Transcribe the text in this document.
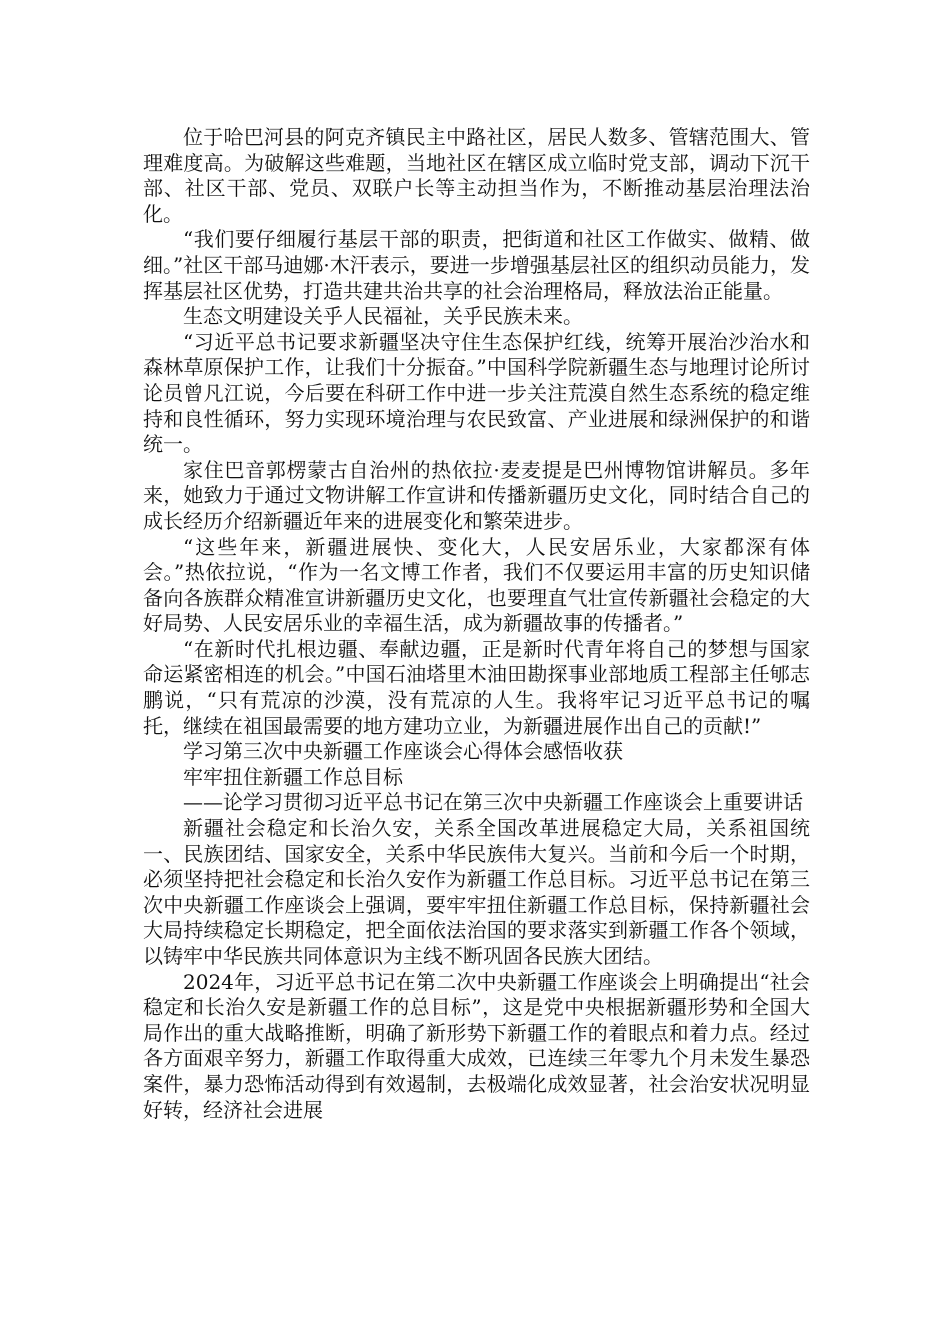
位于哈巴河县的阿克齐镇民主中路社区，居民人数多、管辖范围大、管理难度高。为破解这些难题，当地社区在辖区成立临时党支部，调动下沉干部、社区干部、党员、双联户长等主动担当作为，不断推动基层治理法治化。

“我们要仔细履行基层干部的职责，把街道和社区工作做实、做精、做细。”社区干部马迪娜·木汗表示，要进一步增强基层社区的组织动员能力，发挥基层社区优势，打造共建共治共享的社会治理格局，释放法治正能量。

生态文明建设关乎人民福祉，关乎民族未来。

“习近平总书记要求新疆坚决守住生态保护红线，统筹开展治沙治水和森林草原保护工作，让我们十分振奋。”中国科学院新疆生态与地理讨论所讨论员曾凡江说，今后要在科研工作中进一步关注荒漠自然生态系统的稳定维持和良性循环，努力实现环境治理与农民致富、产业进展和绿洲保护的和谐统一。

家住巴音郭楞蒙古自治州的热依拉·麦麦提是巴州博物馆讲解员。多年来，她致力于通过文物讲解工作宣讲和传播新疆历史文化，同时结合自己的成长经历介绍新疆近年来的进展变化和繁荣进步。

“这些年来，新疆进展快、变化大，人民安居乐业，大家都深有体会。”热依拉说，“作为一名文博工作者，我们不仅要运用丰富的历史知识储备向各族群众精准宣讲新疆历史文化，也要理直气壮宣传新疆社会稳定的大好局势、人民安居乐业的幸福生活，成为新疆故事的传播者。”

“在新时代扎根边疆、奉献边疆，正是新时代青年将自己的梦想与国家命运紧密相连的机会。”中国石油塔里木油田勘探事业部地质工程部主任郇志鹏说，“只有荒凉的沙漠，没有荒凉的人生。我将牢记习近平总书记的嘱托，继续在祖国最需要的地方建功立业，为新疆进展作出自己的贡献!”

学习第三次中央新疆工作座谈会心得体会感悟收获

牢牢扭住新疆工作总目标

——论学习贯彻习近平总书记在第三次中央新疆工作座谈会上重要讲话

新疆社会稳定和长治久安，关系全国改革进展稳定大局，关系祖国统一、民族团结、国家安全，关系中华民族伟大复兴。当前和今后一个时期，必须坚持把社会稳定和长治久安作为新疆工作总目标。习近平总书记在第三次中央新疆工作座谈会上强调，要牢牢扭住新疆工作总目标，保持新疆社会大局持续稳定长期稳定，把全面依法治国的要求落实到新疆工作各个领域，以铸牢中华民族共同体意识为主线不断巩固各民族大团结。

2024年，习近平总书记在第二次中央新疆工作座谈会上明确提出“社会稳定和长治久安是新疆工作的总目标”，这是党中央根据新疆形势和全国大局作出的重大战略推断，明确了新形势下新疆工作的着眼点和着力点。经过各方面艰辛努力，新疆工作取得重大成效，已连续三年零九个月未发生暴恐案件，暴力恐怖活动得到有效遏制，去极端化成效显著，社会治安状况明显好转，经济社会进展
